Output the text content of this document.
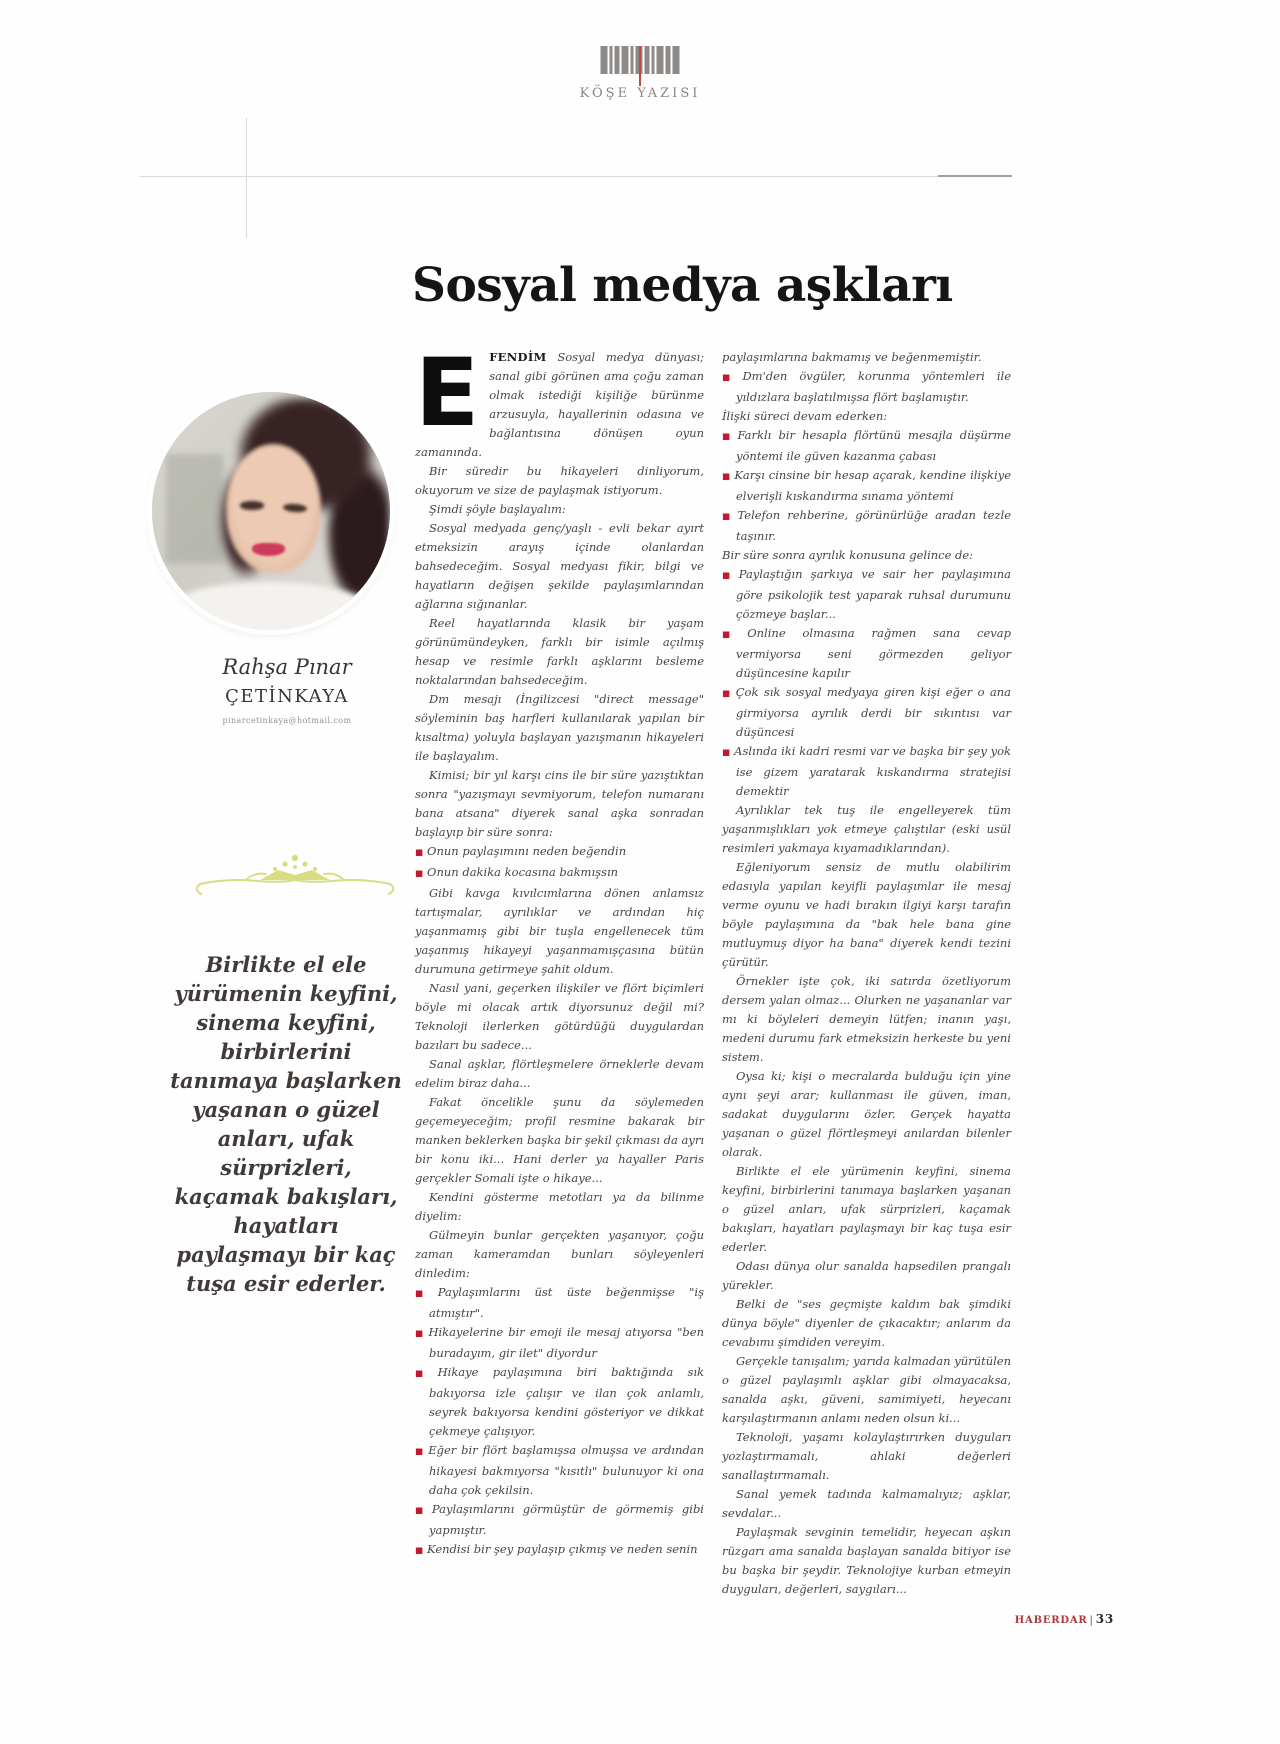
KÖŞE YAZISI
Sosyal medya aşkları
Rahşa Pınar
ÇETİNKAYA
pinarcetinkaya@hotmail.com
Birlikte el ele yürümenin keyfini, sinema keyfini, birbirlerini tanımaya başlarken yaşanan o güzel anları, ufak sürprizleri, kaçamak bakışları, hayatları paylaşmayı bir kaç tuşa esir ederler.
EFENDİM Sosyal medya dünyası; sanal gibi görünen ama çoğu zaman olmak istediği kişiliğe bürünme arzusuyla, hayallerinin odasına ve bağlantısına dönüşen oyun zamanında.
Bir süredir bu hikayeleri dinliyorum, okuyorum ve size de paylaşmak istiyorum.
Şimdi şöyle başlayalım:
Sosyal medyada genç/yaşlı - evli bekar ayırt etmeksizin arayış içinde olanlardan bahsedeceğim. Sosyal medyası fikir, bilgi ve hayatların değişen şekilde paylaşımlarından ağlarına sığınanlar.
Reel hayatlarında klasik bir yaşam görünümündeyken, farklı bir isimle açılmış hesap ve resimle farklı aşklarını besleme noktalarından bahsedeceğim.
Dm mesajı (İngilizcesi "direct message" söyleminin baş harfleri kullanılarak yapılan bir kısaltma) yoluyla başlayan yazışmanın hikayeleri ile başlayalım.
Kimisi; bir yıl karşı cins ile bir süre yazıştıktan sonra "yazışmayı sevmiyorum, telefon numaranı bana atsana" diyerek sanal aşka sonradan başlayıp bir süre sonra:
■ Onun paylaşımını neden beğendin
■ Onun dakika kocasına bakmışsın
Gibi kavga kıvılcımlarına dönen anlamsız tartışmalar, ayrılıklar ve ardından hiç yaşanmamış gibi bir tuşla engellenecek tüm yaşanmış hikayeyi yaşanmamışçasına bütün durumuna getirmeye şahit oldum.
Nasıl yani, geçerken ilişkiler ve flört biçimleri böyle mi olacak artık diyorsunuz değil mi? Teknoloji ilerlerken götürdüğü duygulardan bazıları bu sadece...
Sanal aşklar, flörtleşmelere örneklerle devam edelim biraz daha...
Fakat öncelikle şunu da söylemeden geçemeyeceğim; profil resmine bakarak bir manken beklerken başka bir şekil çıkması da ayrı bir konu iki... Hani derler ya hayaller Paris gerçekler Somali işte o hikaye...
Kendini gösterme metotları ya da bilinme diyelim:
Gülmeyin bunlar gerçekten yaşanıyor, çoğu zaman kameramdan bunları söyleyenleri dinledim:
■ Paylaşımlarını üst üste beğenmişse "iş atmıştır".
■ Hikayelerine bir emoji ile mesaj atıyorsa "ben buradayım, gir ilet" diyordur
■ Hikaye paylaşımına biri baktığında sık bakıyorsa izle çalışır ve ilan çok anlamlı, seyrek bakıyorsa kendini gösteriyor ve dikkat çekmeye çalışıyor.
■ Eğer bir flört başlamışsa olmuşsa ve ardından hikayesi bakmıyorsa "kısıtlı" bulunuyor ki ona daha çok çekilsin.
■ Paylaşımlarını görmüştür de görmemiş gibi yapmıştır.
■ Kendisi bir şey paylaşıp çıkmış ve neden senin
paylaşımlarına bakmamış ve beğenmemiştir.
■ Dm'den övgüler, korunma yöntemleri ile yıldızlara başlatılmışsa flört başlamıştır.
İlişki süreci devam ederken:
■ Farklı bir hesapla flörtünü mesajla düşürme yöntemi ile güven kazanma çabası
■ Karşı cinsine bir hesap açarak, kendine ilişkiye elverişli kıskandırma sınama yöntemi
■ Telefon rehberine, görünürlüğe aradan tezle taşınır.
Bir süre sonra ayrılık konusuna gelince de:
■ Paylaştığın şarkıya ve sair her paylaşımına göre psikolojik test yaparak ruhsal durumunu çözmeye başlar...
■ Online olmasına rağmen sana cevap vermiyorsa seni görmezden geliyor düşüncesine kapılır
■ Çok sık sosyal medyaya giren kişi eğer o ana girmiyorsa ayrılık derdi bir sıkıntısı var düşüncesi
■ Aslında iki kadri resmi var ve başka bir şey yok ise gizem yaratarak kıskandırma stratejisi demektir
Ayrılıklar tek tuş ile engelleyerek tüm yaşanmışlıkları yok etmeye çalıştılar (eski usül resimleri yakmaya kıyamadıklarından).
Eğleniyorum sensiz de mutlu olabilirim edasıyla yapılan keyifli paylaşımlar ile mesaj verme oyunu ve hadi bırakın ilgiyi karşı tarafın böyle paylaşımına da "bak hele bana gine mutluymuş diyor ha bana" diyerek kendi tezini çürütür.
Örnekler işte çok, iki satırda özetliyorum dersem yalan olmaz... Olurken ne yaşananlar var mı ki böyleleri demeyin lütfen; inanın yaşı, medeni durumu fark etmeksizin herkeste bu yeni sistem.
Oysa ki; kişi o mecralarda bulduğu için yine aynı şeyi arar; kullanması ile güven, iman, sadakat duygularını özler. Gerçek hayatta yaşanan o güzel flörtleşmeyi anılardan bilenler olarak.
Birlikte el ele yürümenin keyfini, sinema keyfini, birbirlerini tanımaya başlarken yaşanan o güzel anları, ufak sürprizleri, kaçamak bakışları, hayatları paylaşmayı bir kaç tuşa esir ederler.
Odası dünya olur sanalda hapsedilen prangalı yürekler.
Belki de "ses geçmişte kaldım bak şimdiki dünya böyle" diyenler de çıkacaktır; anlarım da cevabımı şimdiden vereyim.
Gerçekle tanışalım; yarıda kalmadan yürütülen o güzel paylaşımlı aşklar gibi olmayacaksa, sanalda aşkı, güveni, samimiyeti, heyecanı karşılaştırmanın anlamı neden olsun ki...
Teknoloji, yaşamı kolaylaştırırken duyguları yozlaştırmamalı, ahlaki değerleri sanallaştırmamalı.
Sanal yemek tadında kalmamalıyız; aşklar, sevdalar...
Paylaşmak sevginin temelidir, heyecan aşkın rüzgarı ama sanalda başlayan sanalda bitiyor ise bu başka bir şeydir. Teknolojiye kurban etmeyin duyguları, değerleri, saygıları...
HABERDAR | 33
